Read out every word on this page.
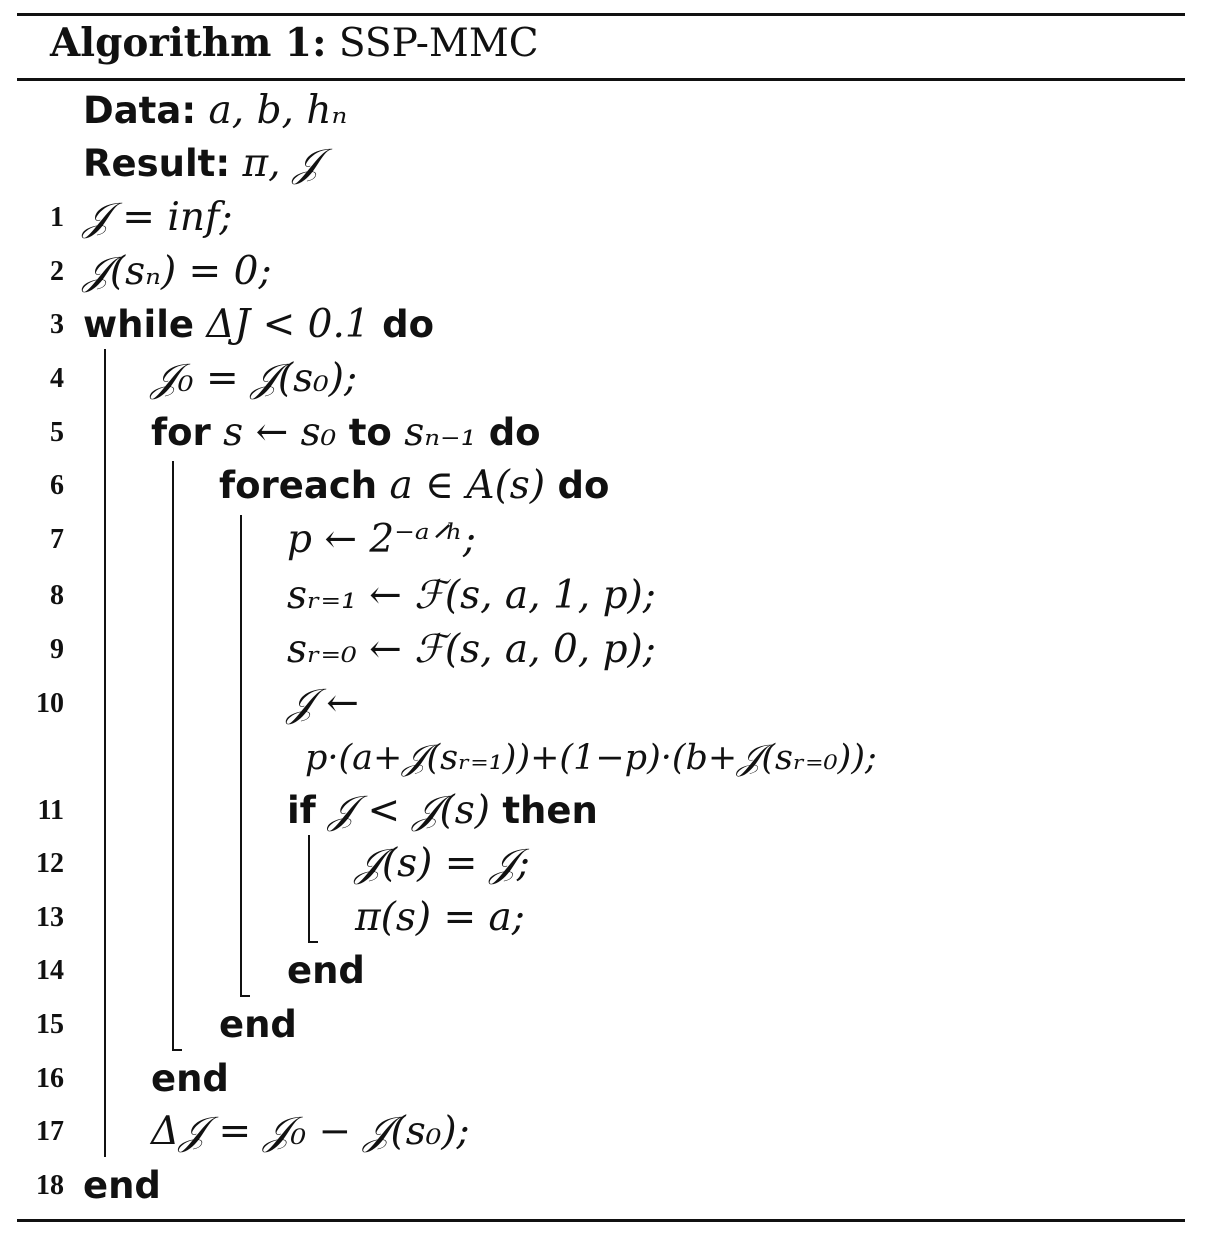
Algorithm 1: SSP-MMC
Data: a, b, hₙ
Result: π, 𝒥
1 𝒥 = inf;
2 𝒥(sₙ) = 0;
3 while ΔJ < 0.1 do
4 𝒥₀ = 𝒥(s₀);
5 for s ← s₀ to sₙ₋₁ do
6	foreach a ∈ A(s) do
7	p ← 2⁻ᵃᐟʰ;
8	sᵣ₌₁ ← ℱ(s, a, 1, p);
9	sᵣ₌₀ ← ℱ(s, a, 0, p);
10	𝒥 ←
p·(a+𝒥(sᵣ₌₁))+(1−p)·(b+𝒥(sᵣ₌₀));
11	if 𝒥 < 𝒥(s) then
12	𝒥(s) = 𝒥;
13	π(s) = a;
14	end
15	end
16 end
17 Δ𝒥 = 𝒥₀ − 𝒥(s₀);
18 end
